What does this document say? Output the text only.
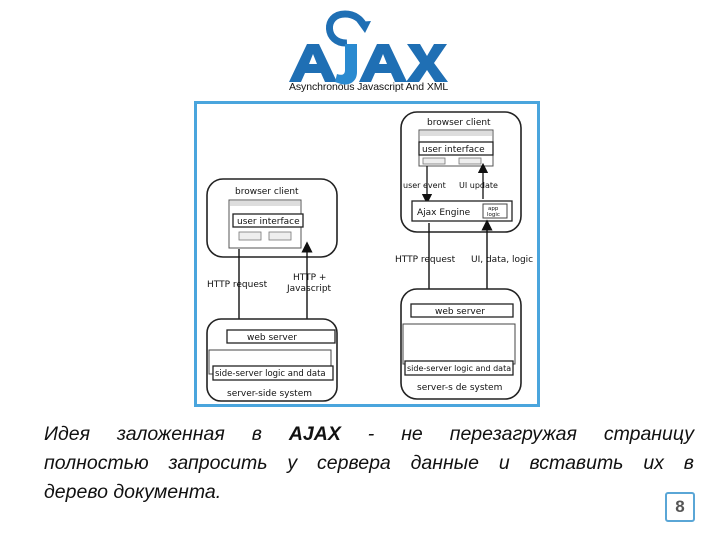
Asynchronous Javascript And XML
browser client
user interface
HTTP request
HTTP +
Javascript
web server
side-server logic and data
server-side system
browser client
user interface
user event UI update
Ajax Engine	app
logic
HTTP request UI, data, logic
web server
side-server logic and data
server-s de system
Идея заложенная в AJAX - не перезагружая страницу
полностью запросить у сервера данные и вставить их в
дерево документа.
8
